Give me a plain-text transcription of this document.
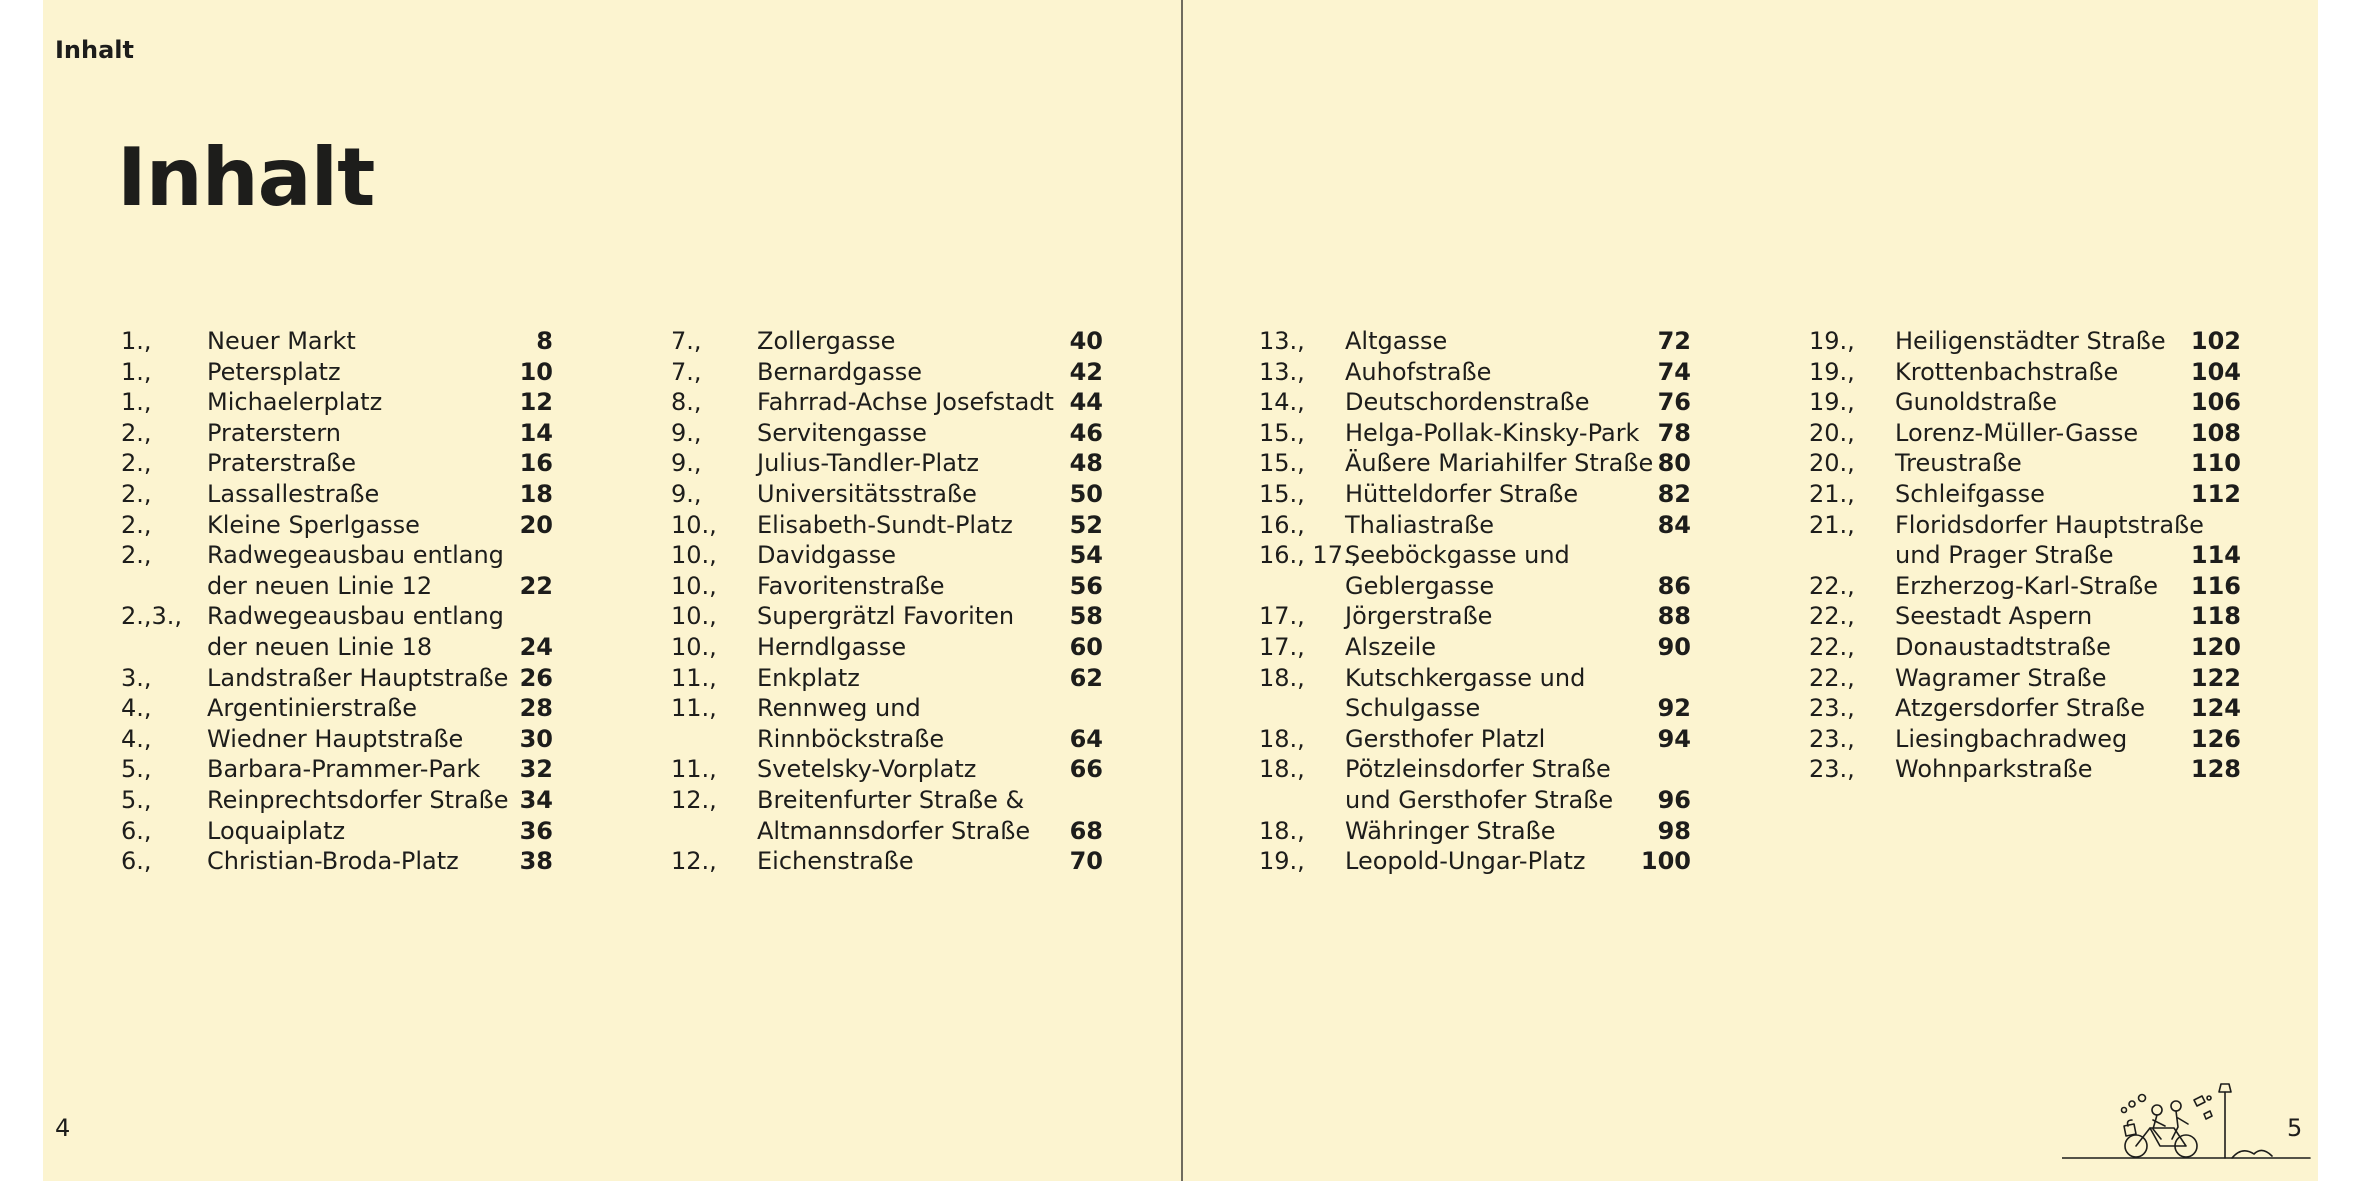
Inhalt
Inhalt
1., Neuer Markt	8
1., Petersplatz	10
1., Michaelerplatz	12
2., Praterstern	14
2., Praterstraße	16
2., Lassallestraße	18
2., Kleine Sperlgasse	20
2., Radwegeausbau entlang
der neuen Linie 12	22
2.,3., Radwegeausbau entlang
der neuen Linie 18	24
3., Landstraßer Hauptstraße 26
4., Argentinierstraße	28
4., Wiedner Hauptstraße 30
5., Barbara-Prammer-Park 32
5., Reinprechtsdorfer Straße 34
6., Loquaiplatz	36
6., Christian-Broda-Platz	38
7., Zollergasse	40
7., Bernardgasse	42
8., Fahrrad-Achse Josefstadt 44
9., Servitengasse	46
9., Julius-Tandler-Platz	48
9., Universitätsstraße	50
10., Elisabeth-Sundt-Platz 52
10., Davidgasse	54
10., Favoritenstraße	56
10., Supergrätzl Favoriten 58
10., Herndlgasse	60
11., Enkplatz	62
11., Rennweg und
Rinnböckstraße	64
11., Svetelsky-Vorplatz	66
12., Breitenfurter Straße &
Altmannsdorfer Straße 68
12., Eichenstraße	70
13., Altgasse	72
13., Auhofstraße	74
14., Deutschordenstraße	76
15., Helga-Pollak-Kinsky-Park 78
15., Äußere Mariahilfer Straße 80
15., Hütteldorfer Straße	82
16., Thaliastraße	84
16., 17.,
Seeböckgasse und
Geblergasse	86
17., Jörgerstraße	88
17., Alszeile	90
18., Kutschkergasse und
Schulgasse	92
18., Gersthofer Platzl	94
18., Pötzleinsdorfer Straße
und Gersthofer Straße 96
18., Währinger Straße	98
19., Leopold-Ungar-Platz 100
19., Heiligenstädter Straße 102
19., Krottenbachstraße	104
19., Gunoldstraße	106
20., Lorenz-Müller-Gasse 108
20., Treustraße	110
21., Schleifgasse	112
21., Floridsdorfer Hauptstraße
und Prager Straße	114
22., Erzherzog-Karl-Straße 116
22., Seestadt Aspern	118
22., Donaustadtstraße	120
22., Wagramer Straße	122
23., Atzgersdorfer Straße 124
23., Liesingbachradweg	126
23., Wohnparkstraße	128
4	5
